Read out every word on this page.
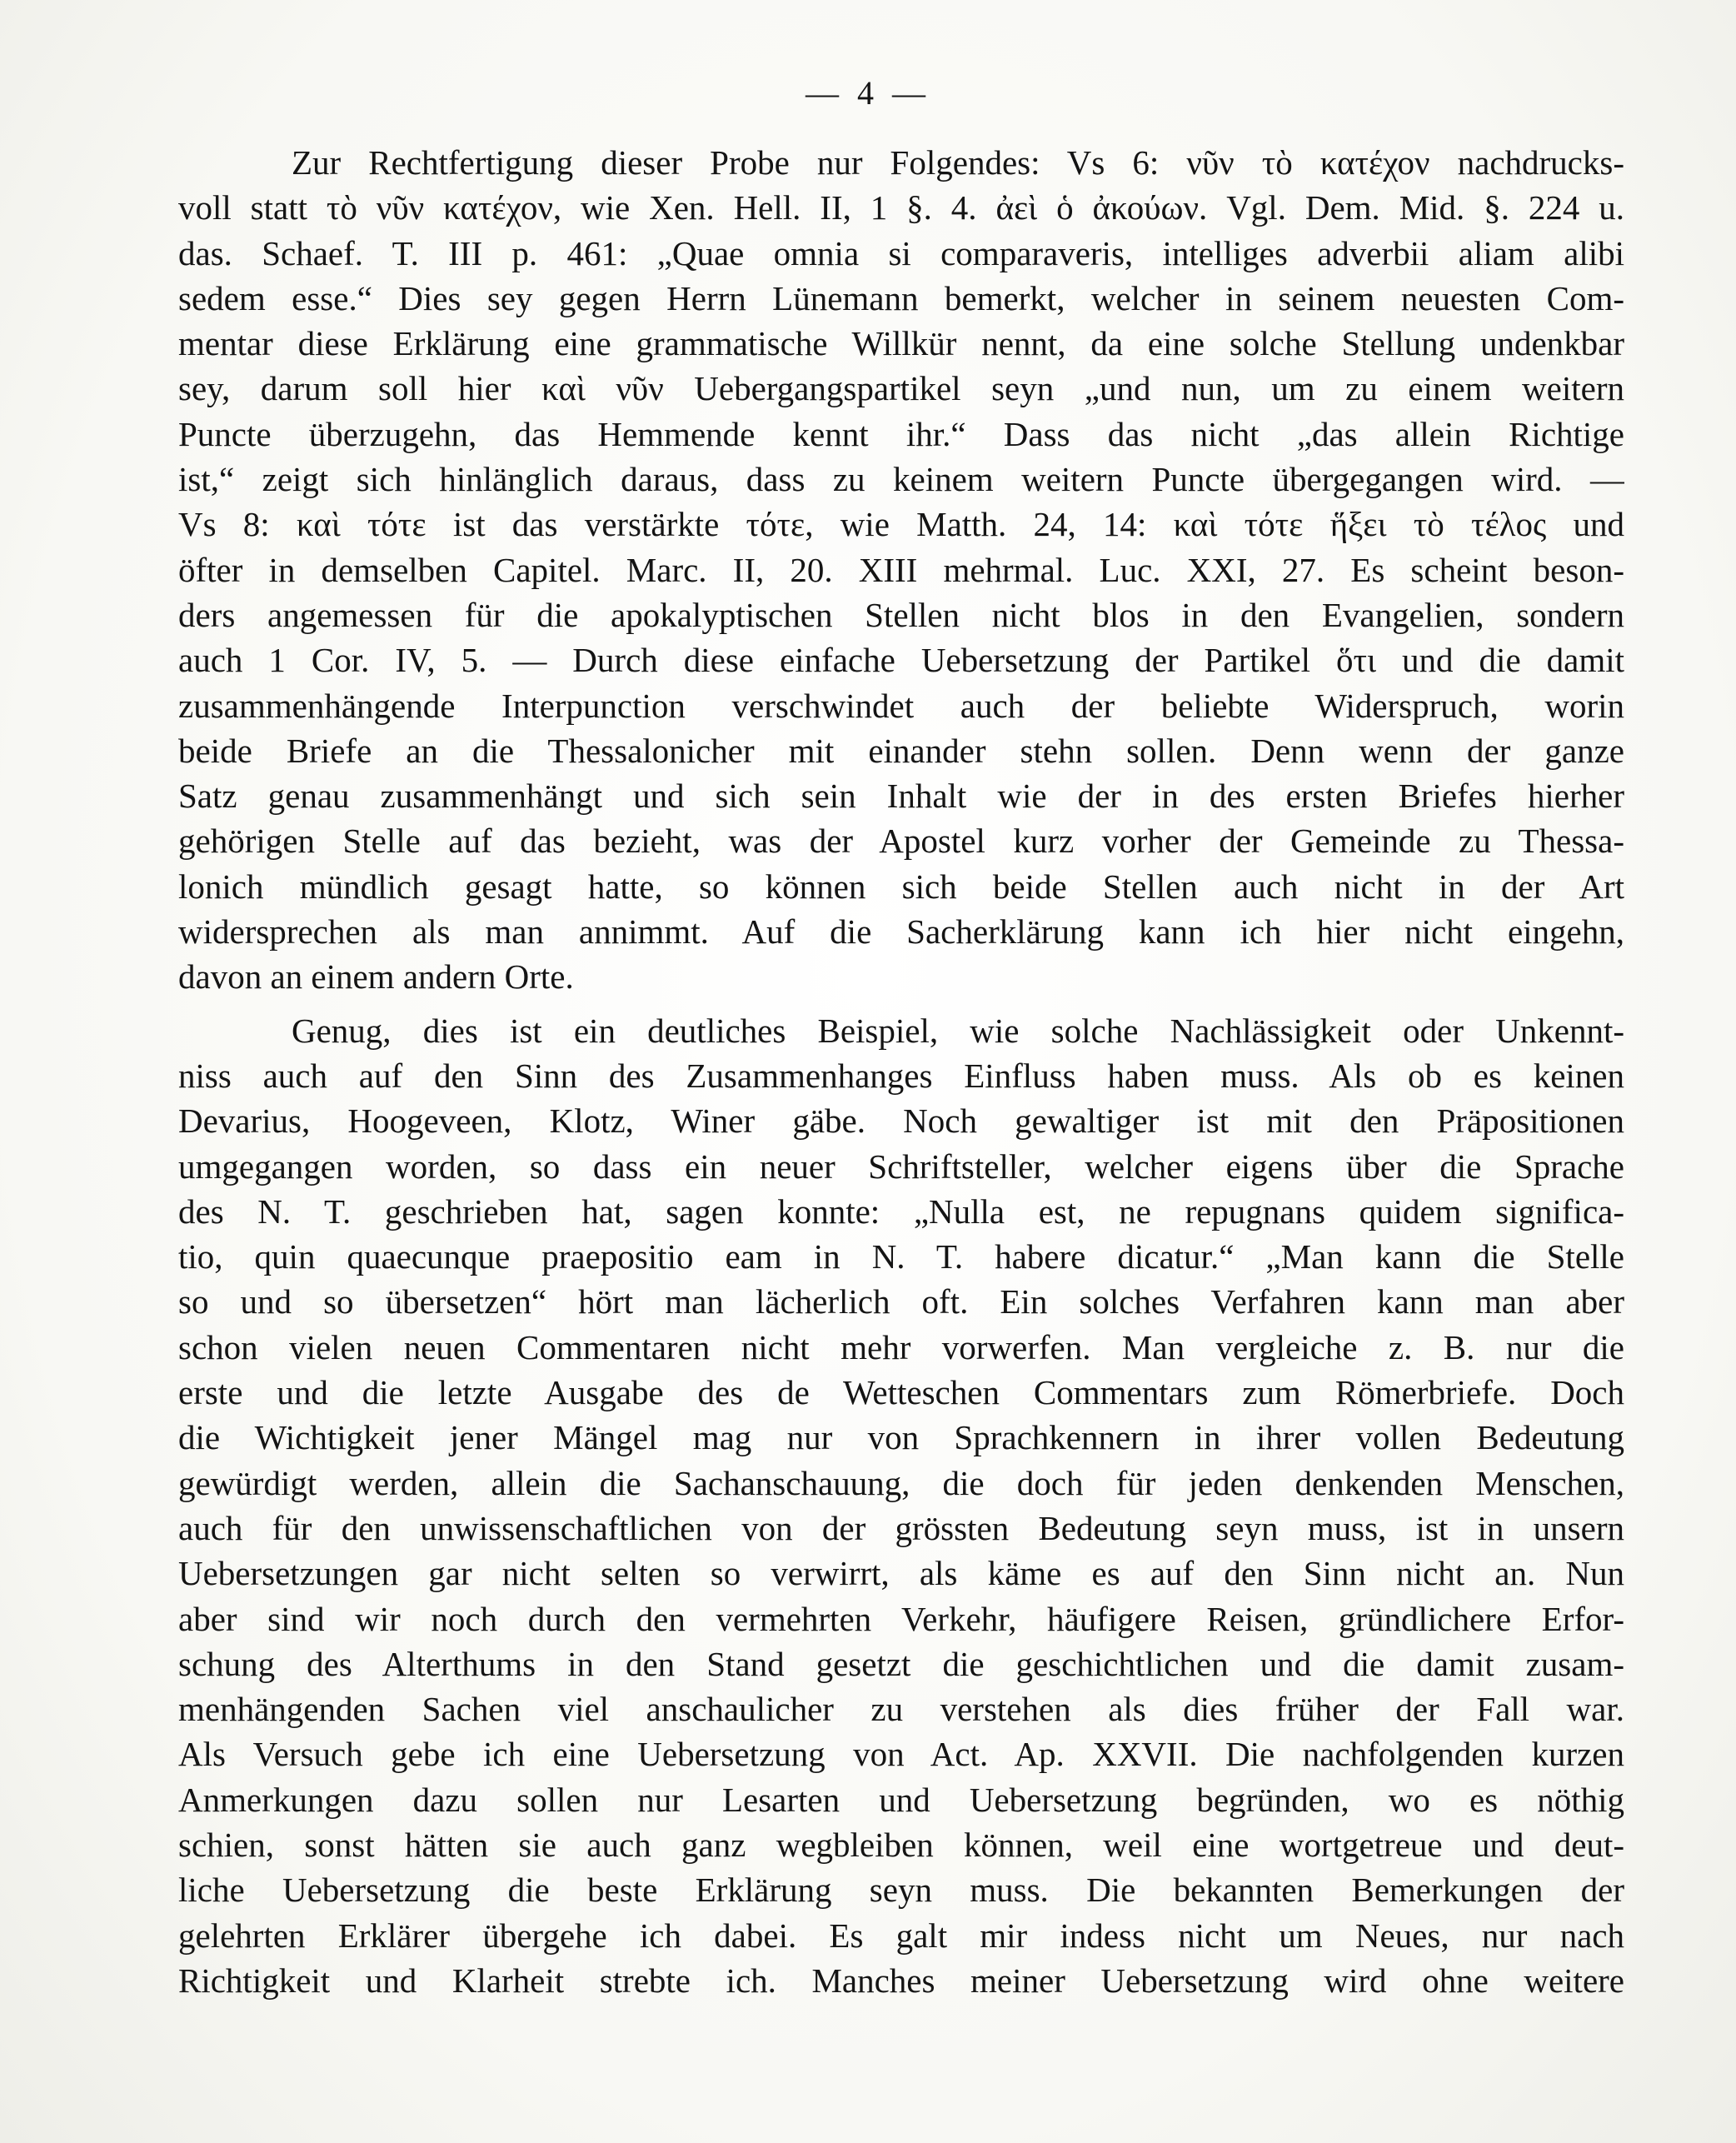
— 4 —
Zur Rechtfertigung dieser Probe nur Folgendes: Vs 6: νῦν τὸ κατέχον nachdrucks-
voll statt τὸ νῦν κατέχον, wie Xen. Hell. II, 1 §. 4. ἀεὶ ὁ ἀκούων. Vgl. Dem. Mid. §. 224 u.
das. Schaef. T. III p. 461: „Quae omnia si comparaveris, intelliges adverbii aliam alibi
sedem esse.“ Dies sey gegen Herrn Lünemann bemerkt, welcher in seinem neuesten Com-
mentar diese Erklärung eine grammatische Willkür nennt, da eine solche Stellung undenkbar
sey, darum soll hier καὶ νῦν Uebergangspartikel seyn „und nun, um zu einem weitern
Puncte überzugehn, das Hemmende kennt ihr.“ Dass das nicht „das allein Richtige
ist,“ zeigt sich hinlänglich daraus, dass zu keinem weitern Puncte übergegangen wird. —
Vs 8: καὶ τότε ist das verstärkte τότε, wie Matth. 24, 14: καὶ τότε ἥξει τὸ τέλος und
öfter in demselben Capitel. Marc. II, 20. XIII mehrmal. Luc. XXI, 27. Es scheint beson-
ders angemessen für die apokalyptischen Stellen nicht blos in den Evangelien, sondern
auch 1 Cor. IV, 5. — Durch diese einfache Uebersetzung der Partikel ὅτι und die damit
zusammenhängende Interpunction verschwindet auch der beliebte Widerspruch, worin
beide Briefe an die Thessalonicher mit einander stehn sollen. Denn wenn der ganze
Satz genau zusammenhängt und sich sein Inhalt wie der in des ersten Briefes hierher
gehörigen Stelle auf das bezieht, was der Apostel kurz vorher der Gemeinde zu Thessa-
lonich mündlich gesagt hatte, so können sich beide Stellen auch nicht in der Art
widersprechen als man annimmt. Auf die Sacherklärung kann ich hier nicht eingehn,
davon an einem andern Orte.
Genug, dies ist ein deutliches Beispiel, wie solche Nachlässigkeit oder Unkennt-
niss auch auf den Sinn des Zusammenhanges Einfluss haben muss. Als ob es keinen
Devarius, Hoogeveen, Klotz, Winer gäbe. Noch gewaltiger ist mit den Präpositionen
umgegangen worden, so dass ein neuer Schriftsteller, welcher eigens über die Sprache
des N. T. geschrieben hat, sagen konnte: „Nulla est, ne repugnans quidem significa-
tio, quin quaecunque praepositio eam in N. T. habere dicatur.“ „Man kann die Stelle
so und so übersetzen“ hört man lächerlich oft. Ein solches Verfahren kann man aber
schon vielen neuen Commentaren nicht mehr vorwerfen. Man vergleiche z. B. nur die
erste und die letzte Ausgabe des de Wetteschen Commentars zum Römerbriefe. Doch
die Wichtigkeit jener Mängel mag nur von Sprachkennern in ihrer vollen Bedeutung
gewürdigt werden, allein die Sachanschauung, die doch für jeden denkenden Menschen,
auch für den unwissenschaftlichen von der grössten Bedeutung seyn muss, ist in unsern
Uebersetzungen gar nicht selten so verwirrt, als käme es auf den Sinn nicht an. Nun
aber sind wir noch durch den vermehrten Verkehr, häufigere Reisen, gründlichere Erfor-
schung des Alterthums in den Stand gesetzt die geschichtlichen und die damit zusam-
menhängenden Sachen viel anschaulicher zu verstehen als dies früher der Fall war.
Als Versuch gebe ich eine Uebersetzung von Act. Ap. XXVII. Die nachfolgenden kurzen
Anmerkungen dazu sollen nur Lesarten und Uebersetzung begründen, wo es nöthig
schien, sonst hätten sie auch ganz wegbleiben können, weil eine wortgetreue und deut-
liche Uebersetzung die beste Erklärung seyn muss. Die bekannten Bemerkungen der
gelehrten Erklärer übergehe ich dabei. Es galt mir indess nicht um Neues, nur nach
Richtigkeit und Klarheit strebte ich. Manches meiner Uebersetzung wird ohne weitere
